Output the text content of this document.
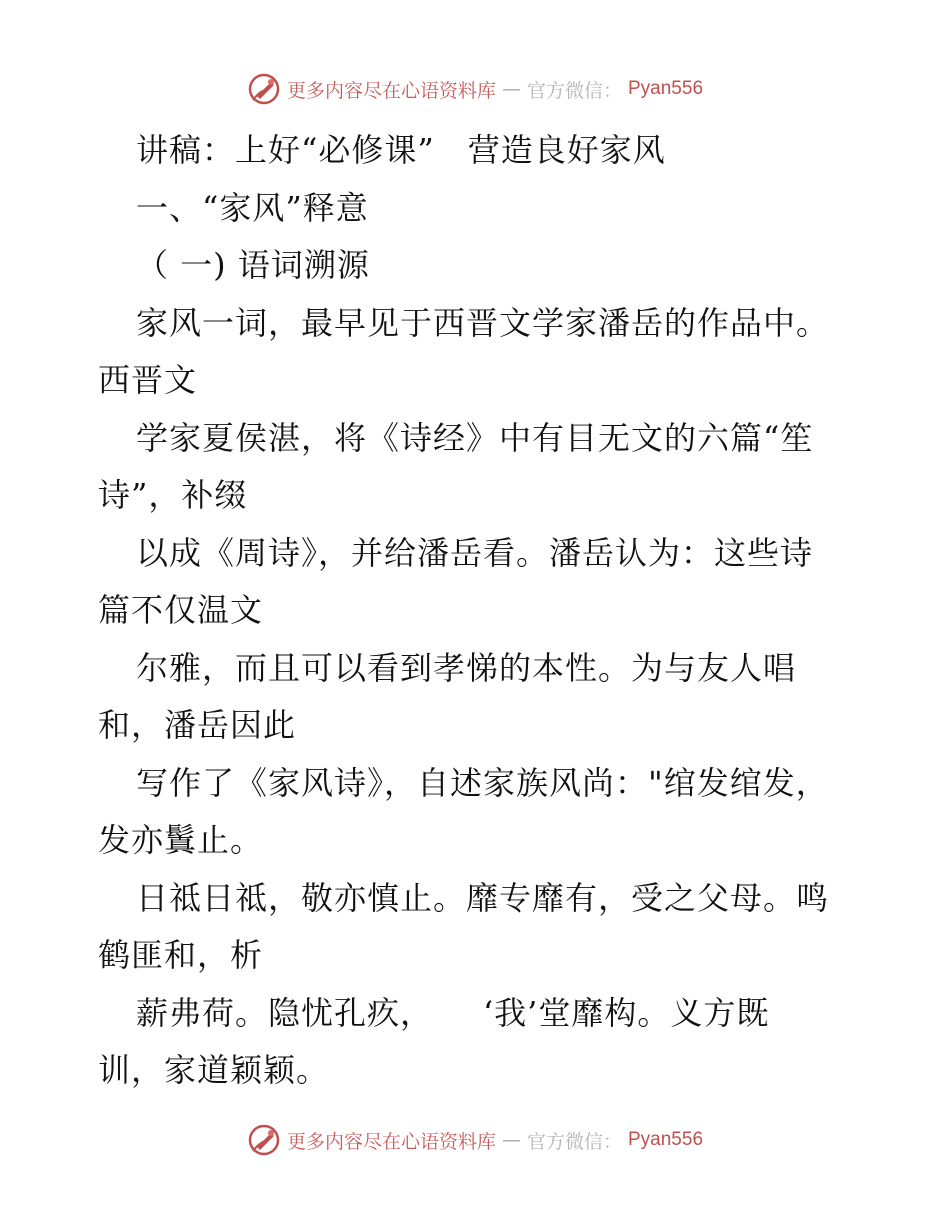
更多内容尽在心语资料库 — 官方微信： Pyan556
讲稿：上好“必修课”　营造良好家风
一、“家风”释意
（ 一) 语词溯源
家风一词，最早见于西晋文学家潘岳的作品中。
西晋文
学家夏侯湛，将《诗经》中有目无文的六篇“笙
诗”，补缀
以成《周诗》，并给潘岳看。潘岳认为：这些诗
篇不仅温文
尔雅，而且可以看到孝悌的本性。为与友人唱
和，潘岳因此
写作了《家风诗》，自述家族风尚："绾发绾发，
发亦鬒止。
日祗日祗，敬亦慎止。靡专靡有，受之父母。鸣
鹤匪和，析
薪弗荷。隐忧孔疚，　　‘我’堂靡构。义方既
训，家道颖颖。
更多内容尽在心语资料库 — 官方微信： Pyan556
